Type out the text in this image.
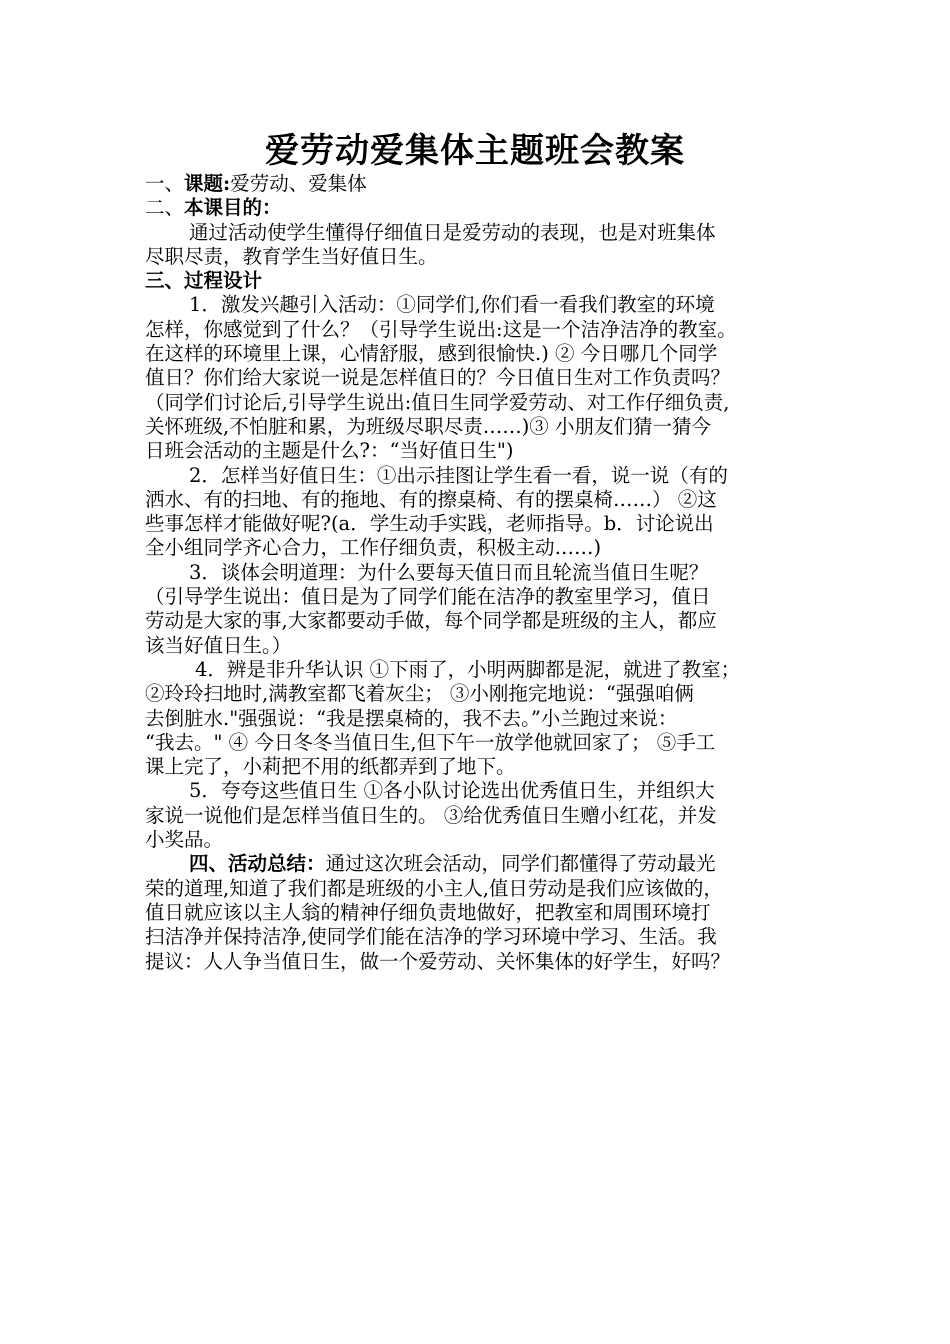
爱劳动爱集体主题班会教案
一、课题:爱劳动、爱集体
二、本课目的：
通过活动使学生懂得仔细值日是爱劳动的表现，也是对班集体
尽职尽责，教育学生当好值日生。
三、过程设计
1．激发兴趣引入活动：①同学们,你们看一看我们教室的环境
怎样，你感觉到了什么？（引导学生说出:这是一个洁净洁净的教室。
在这样的环境里上课，心情舒服，感到很愉快.) ② 今日哪几个同学
值日？你们给大家说一说是怎样值日的？今日值日生对工作负责吗？
（同学们讨论后,引导学生说出:值日生同学爱劳动、对工作仔细负责,
关怀班级,不怕脏和累，为班级尽职尽责……)③ 小朋友们猜一猜今
日班会活动的主题是什么?：“当好值日生")
2．怎样当好值日生：①出示挂图让学生看一看，说一说（有的
洒水、有的扫地、有的拖地、有的擦桌椅、有的摆桌椅……） ②这
些事怎样才能做好呢?(a．学生动手实践，老师指导。b．讨论说出
全小组同学齐心合力，工作仔细负责，积极主动……)
3．谈体会明道理：为什么要每天值日而且轮流当值日生呢？
（引导学生说出：值日是为了同学们能在洁净的教室里学习，值日
劳动是大家的事,大家都要动手做，每个同学都是班级的主人，都应
该当好值日生。）
4．辨是非升华认识 ①下雨了，小明两脚都是泥，就进了教室；
②玲玲扫地时,满教室都飞着灰尘； ③小刚拖完地说：“强强咱俩
去倒脏水."强强说：“我是摆桌椅的，我不去。”小兰跑过来说：
“我去。" ④ 今日冬冬当值日生,但下午一放学他就回家了； ⑤手工
课上完了，小莉把不用的纸都弄到了地下。
5．夸夸这些值日生 ①各小队讨论选出优秀值日生，并组织大
家说一说他们是怎样当值日生的。 ③给优秀值日生赠小红花，并发
小奖品。
四、活动总结：通过这次班会活动，同学们都懂得了劳动最光
荣的道理,知道了我们都是班级的小主人,值日劳动是我们应该做的，
值日就应该以主人翁的精神仔细负责地做好，把教室和周围环境打
扫洁净并保持洁净,使同学们能在洁净的学习环境中学习、生活。我
提议：人人争当值日生，做一个爱劳动、关怀集体的好学生，好吗？
